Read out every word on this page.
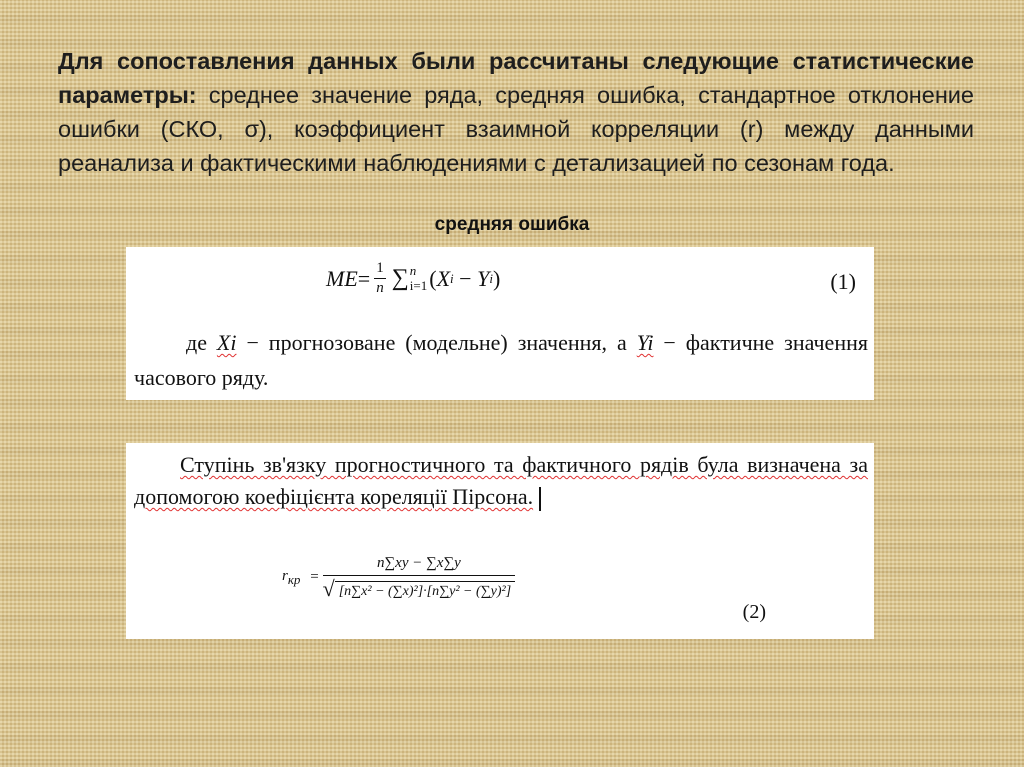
Для сопоставления данных были рассчитаны следующие статистические параметры: среднее значение ряда, средняя ошибка, стандартное отклонение ошибки (СКО, σ), коэффициент взаимной корреляции (r) между данными реанализа и фактическими наблюдениями с детализацией по сезонам года.

средняя ошибка
ME = $\frac{1}{n}$ ∑ n
i=1 ( X i − Y i )	(1)
де Xi − прогнозоване (модельне) значення, а Yi − фактичне значення
часового ряду.
Ступінь зв'язку прогностичного та фактичного рядів була визначена за
допомогою коефіцієнта кореляції Пірсона.
$r_{кр} = \frac{n\sum xy - \sum x\sum y}{\text{√ [n∑x² − (∑x)²]·[n∑y² − (∑y)²]}}$
(2)
